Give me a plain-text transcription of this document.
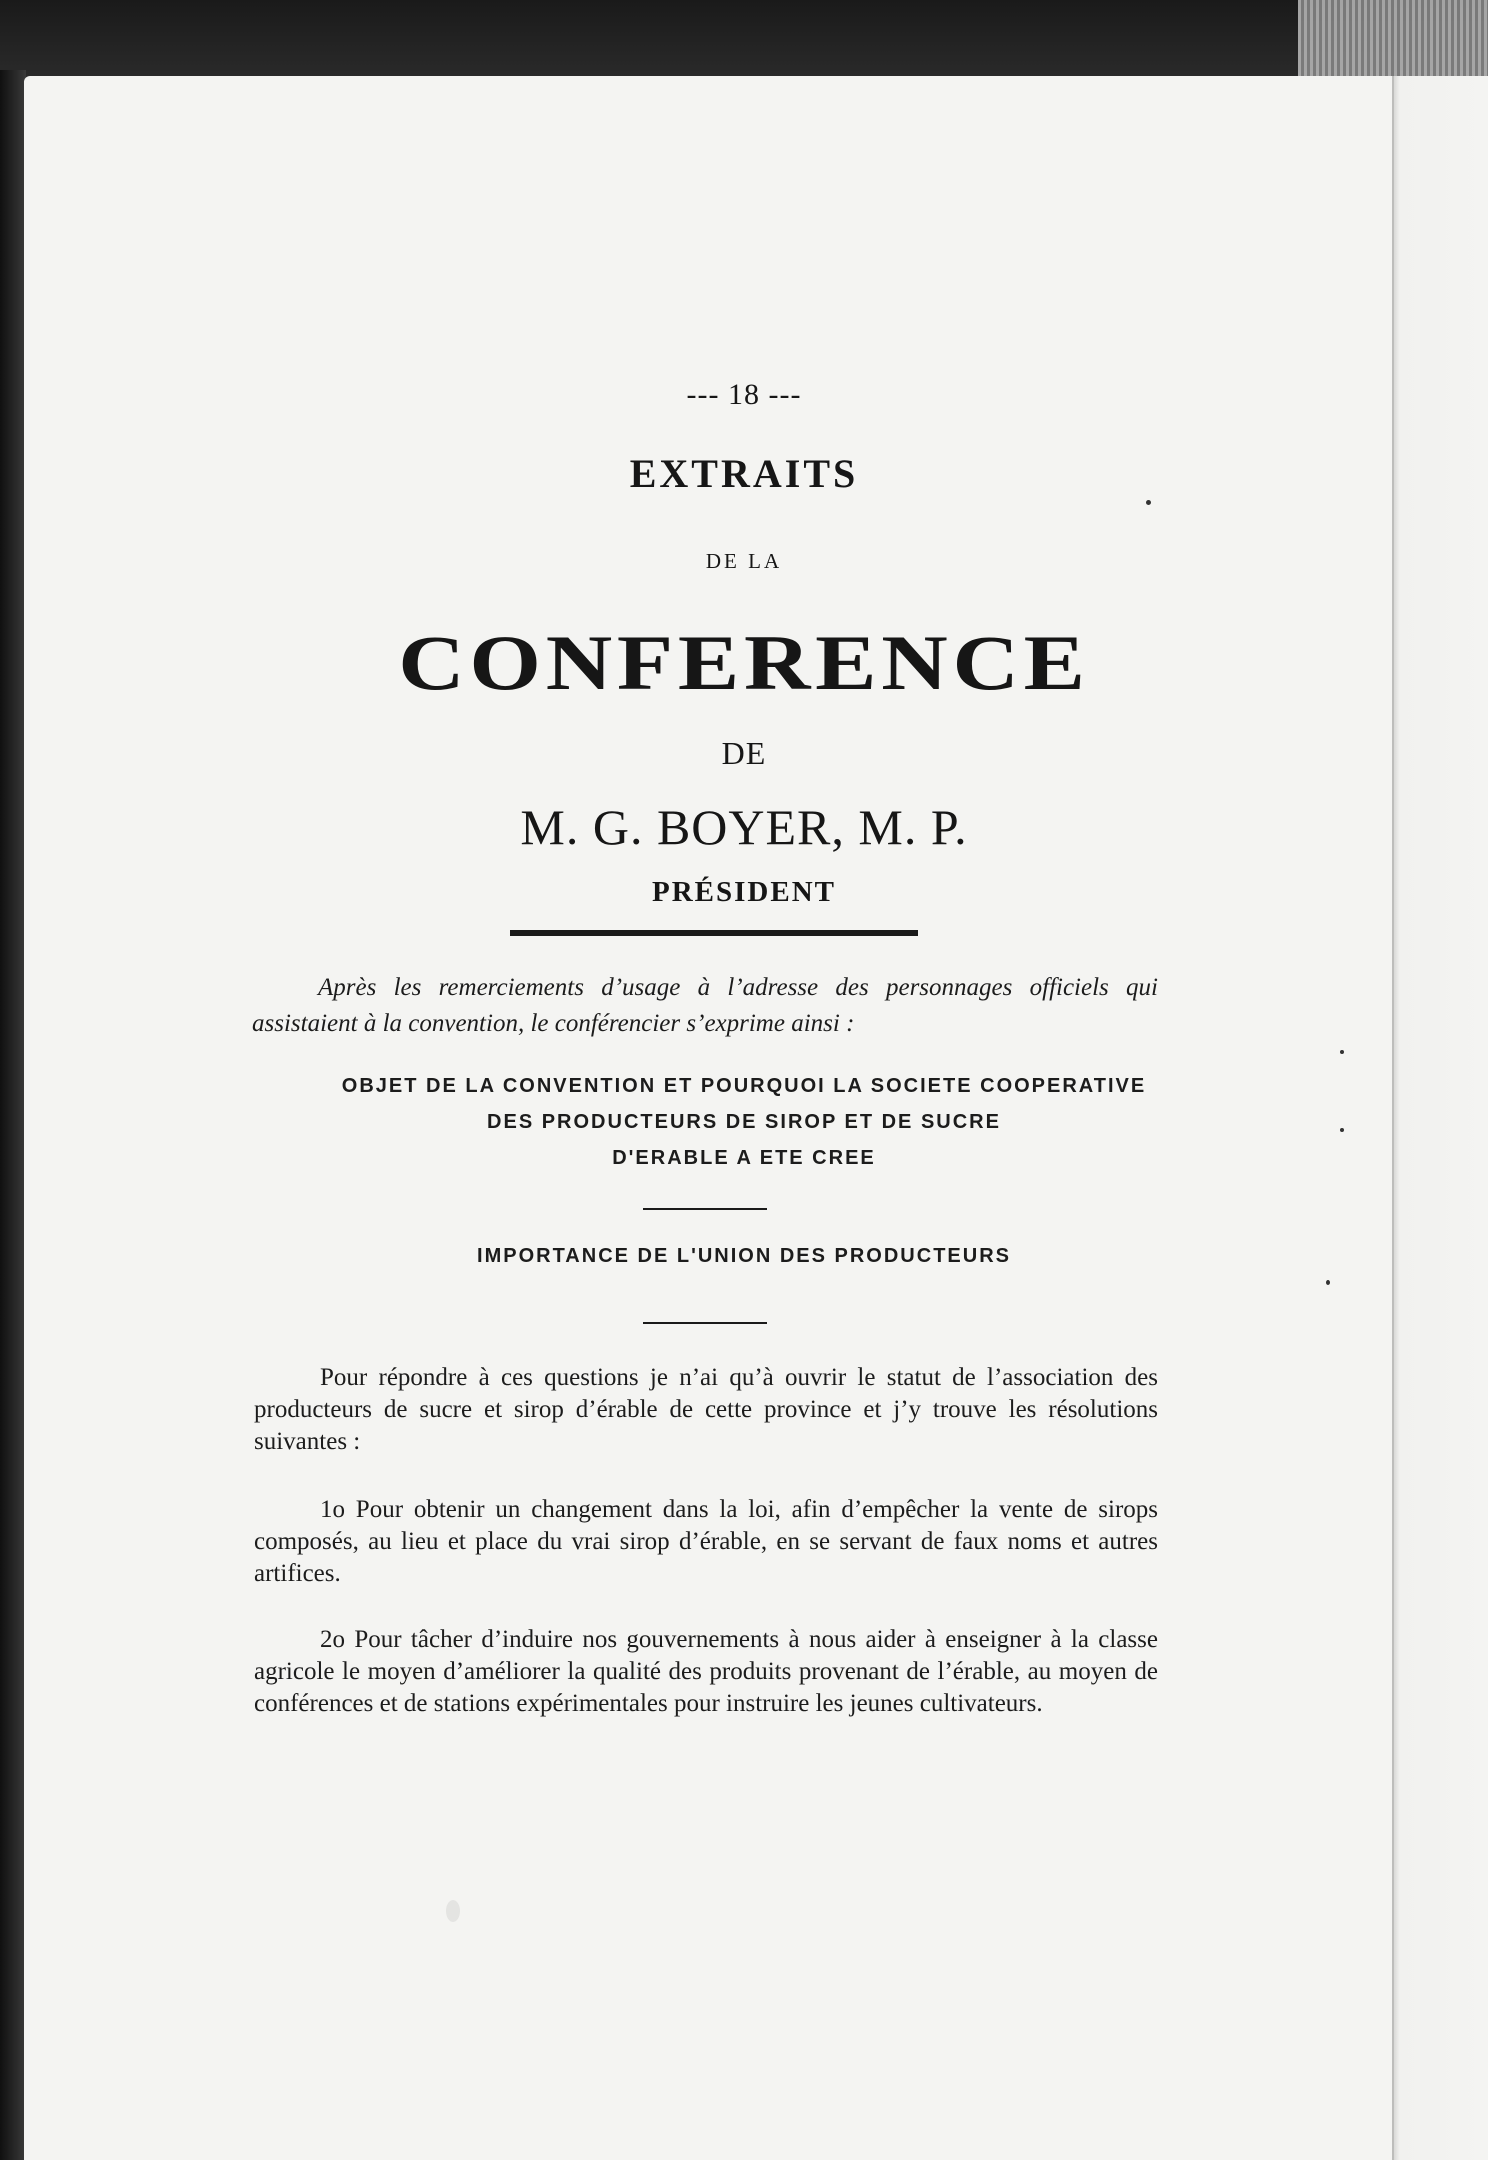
--- 18 ---
EXTRAITS
DE LA
CONFERENCE
DE
M. G. BOYER, M. P.
PRÉSIDENT
Après les remerciements d’usage à l’adresse des personnages officiels qui assistaient à la convention, le conférencier s’exprime ainsi :
OBJET DE LA CONVENTION ET POURQUOI LA SOCIETE COOPERATIVE
DES PRODUCTEURS DE SIROP ET DE SUCRE
D'ERABLE A ETE CREE
IMPORTANCE DE L'UNION DES PRODUCTEURS
Pour répondre à ces questions je n’ai qu’à ouvrir le statut de l’association des producteurs de sucre et sirop d’érable de cette province et j’y trouve les résolutions suivantes :
1o Pour obtenir un changement dans la loi, afin d’empêcher la vente de sirops composés, au lieu et place du vrai sirop d’érable, en se servant de faux noms et autres artifices.
2o Pour tâcher d’induire nos gouvernements à nous aider à enseigner à la classe agricole le moyen d’améliorer la qualité des produits provenant de l’érable, au moyen de conférences et de stations expérimentales pour instruire les jeunes cultivateurs.
